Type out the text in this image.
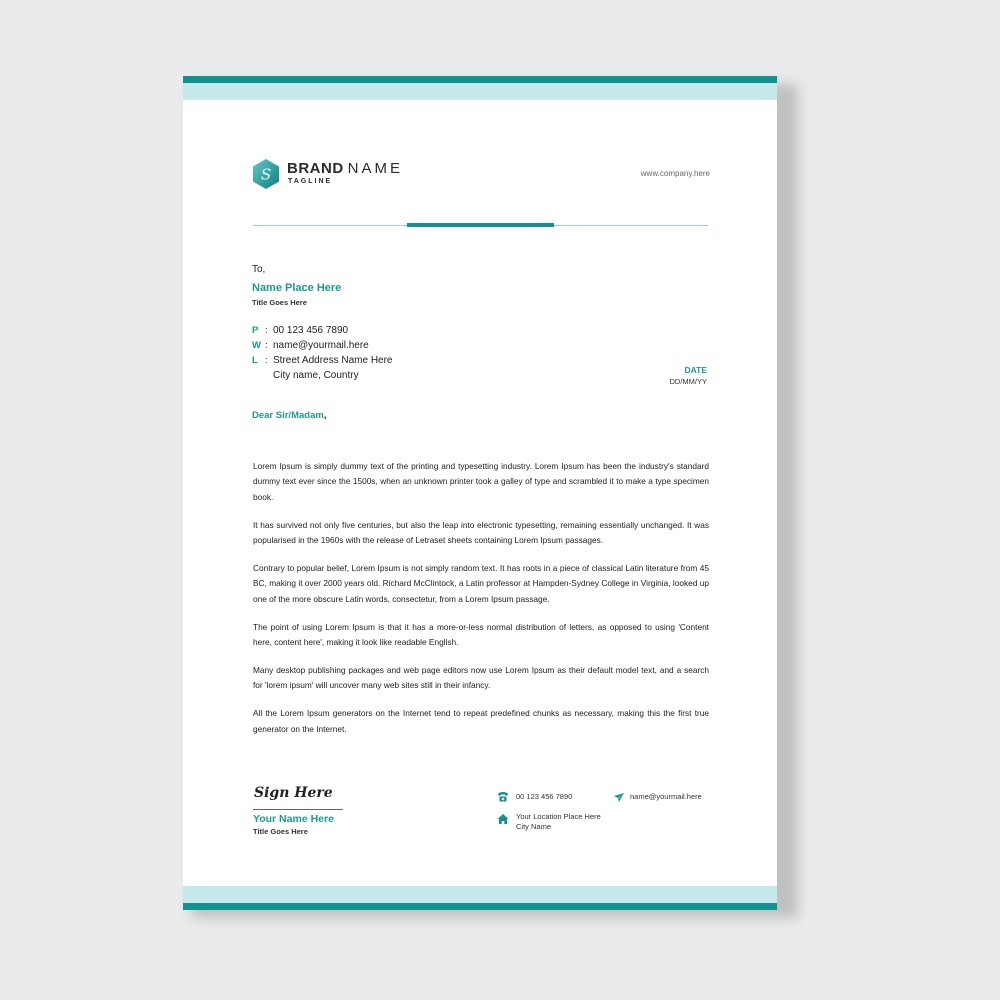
S BRAND NAME
TAGLINE
www.company.here
To,
Name Place Here
Title Goes Here
P : 00 123 456 7890
W : name@yourmail.here
L : Street Address Name Here
City name, Country	DATE
DD/MM/YY
Dear Sir/Madam,

Lorem Ipsum is simply dummy text of the printing and typesetting industry. Lorem Ipsum has been the industry's standard dummy text ever since the 1500s, when an unknown printer took a galley of type and scrambled it to make a type specimen book.

It has survived not only five centuries, but also the leap into electronic typesetting, remaining essentially unchanged. It was popularised in the 1960s with the release of Letraset sheets containing Lorem Ipsum passages.

Contrary to popular belief, Lorem Ipsum is not simply random text. It has roots in a piece of classical Latin literature from 45 BC, making it over 2000 years old. Richard McClintock, a Latin professor at Hampden-Sydney College in Virginia, looked up one of the more obscure Latin words, consectetur, from a Lorem Ipsum passage.

The point of using Lorem Ipsum is that it has a more-or-less normal distribution of letters, as opposed to using 'Content here, content here', making it look like readable English.

Many desktop publishing packages and web page editors now use Lorem Ipsum as their default model text, and a search for 'lorem ipsum' will uncover many web sites still in their infancy.

All the Lorem Ipsum generators on the Internet tend to repeat predefined chunks as necessary, making this the first true generator on the Internet.

Sign Here
Your Name Here
Title Goes Here
00 123 456 7890	name@yourmail.here
Your Location Place Here
City Name
